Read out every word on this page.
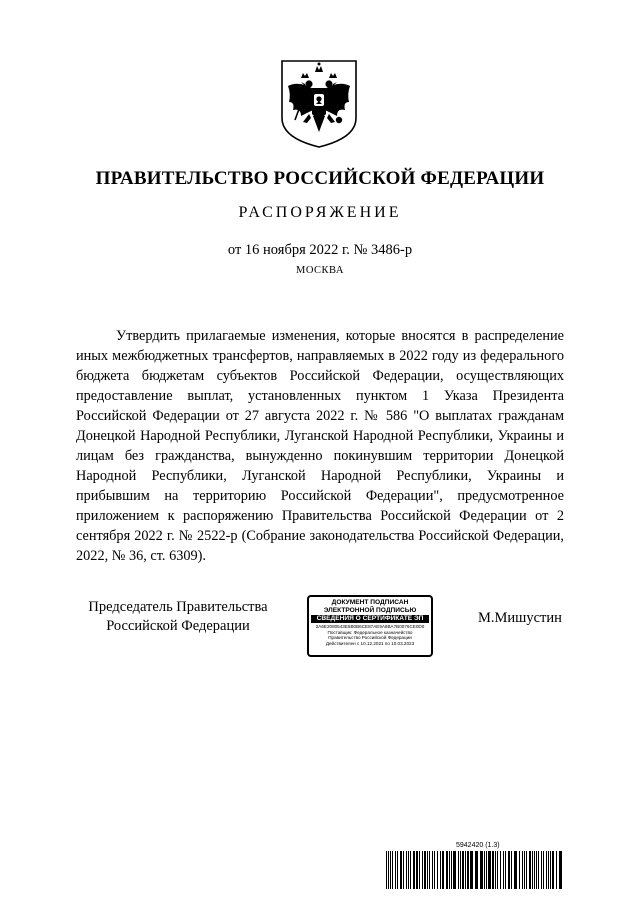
ПРАВИТЕЛЬСТВО РОССИЙСКОЙ ФЕДЕРАЦИИ
РАСПОРЯЖЕНИЕ
от 16 ноября 2022 г. № 3486-р
МОСКВА

Утвердить прилагаемые изменения, которые вносятся в распределение иных межбюджетных трансфертов, направляемых в 2022 году из федерального бюджета бюджетам субъектов Российской Федерации, осуществляющих предоставление выплат, установленных пунктом 1 Указа Президента Российской Федерации от 27 августа 2022 г. № 586 "О выплатах гражданам Донецкой Народной Республики, Луганской Народной Республики, Украины и лицам без гражданства, вынужденно покинувшим территории Донецкой Народной Республики, Луганской Народной Республики, Украины и прибывшим на территорию Российской Федерации", предусмотренное приложением к распоряжению Правительства Российской Федерации от 2 сентября 2022 г. № 2522-р (Собрание законодательства Российской Федерации, 2022, № 36, ст. 6309).

Председатель Правительства
Российской Федерации
ДОКУМЕНТ ПОДПИСАН
ЭЛЕКТРОННОЙ ПОДПИСЬЮ
СВЕДЕНИЯ О СЕРТИФИКАТЕ ЭП
2A6E2080543E5B0B6CE87AE9A8BA7B0076CE0D0
Поставщик: Федеральное казначейство
Правительство Российской Федерации
Действителен с 10.12.2021 по 10.03.2023
М.Мишустин
5942420 (1.3)
